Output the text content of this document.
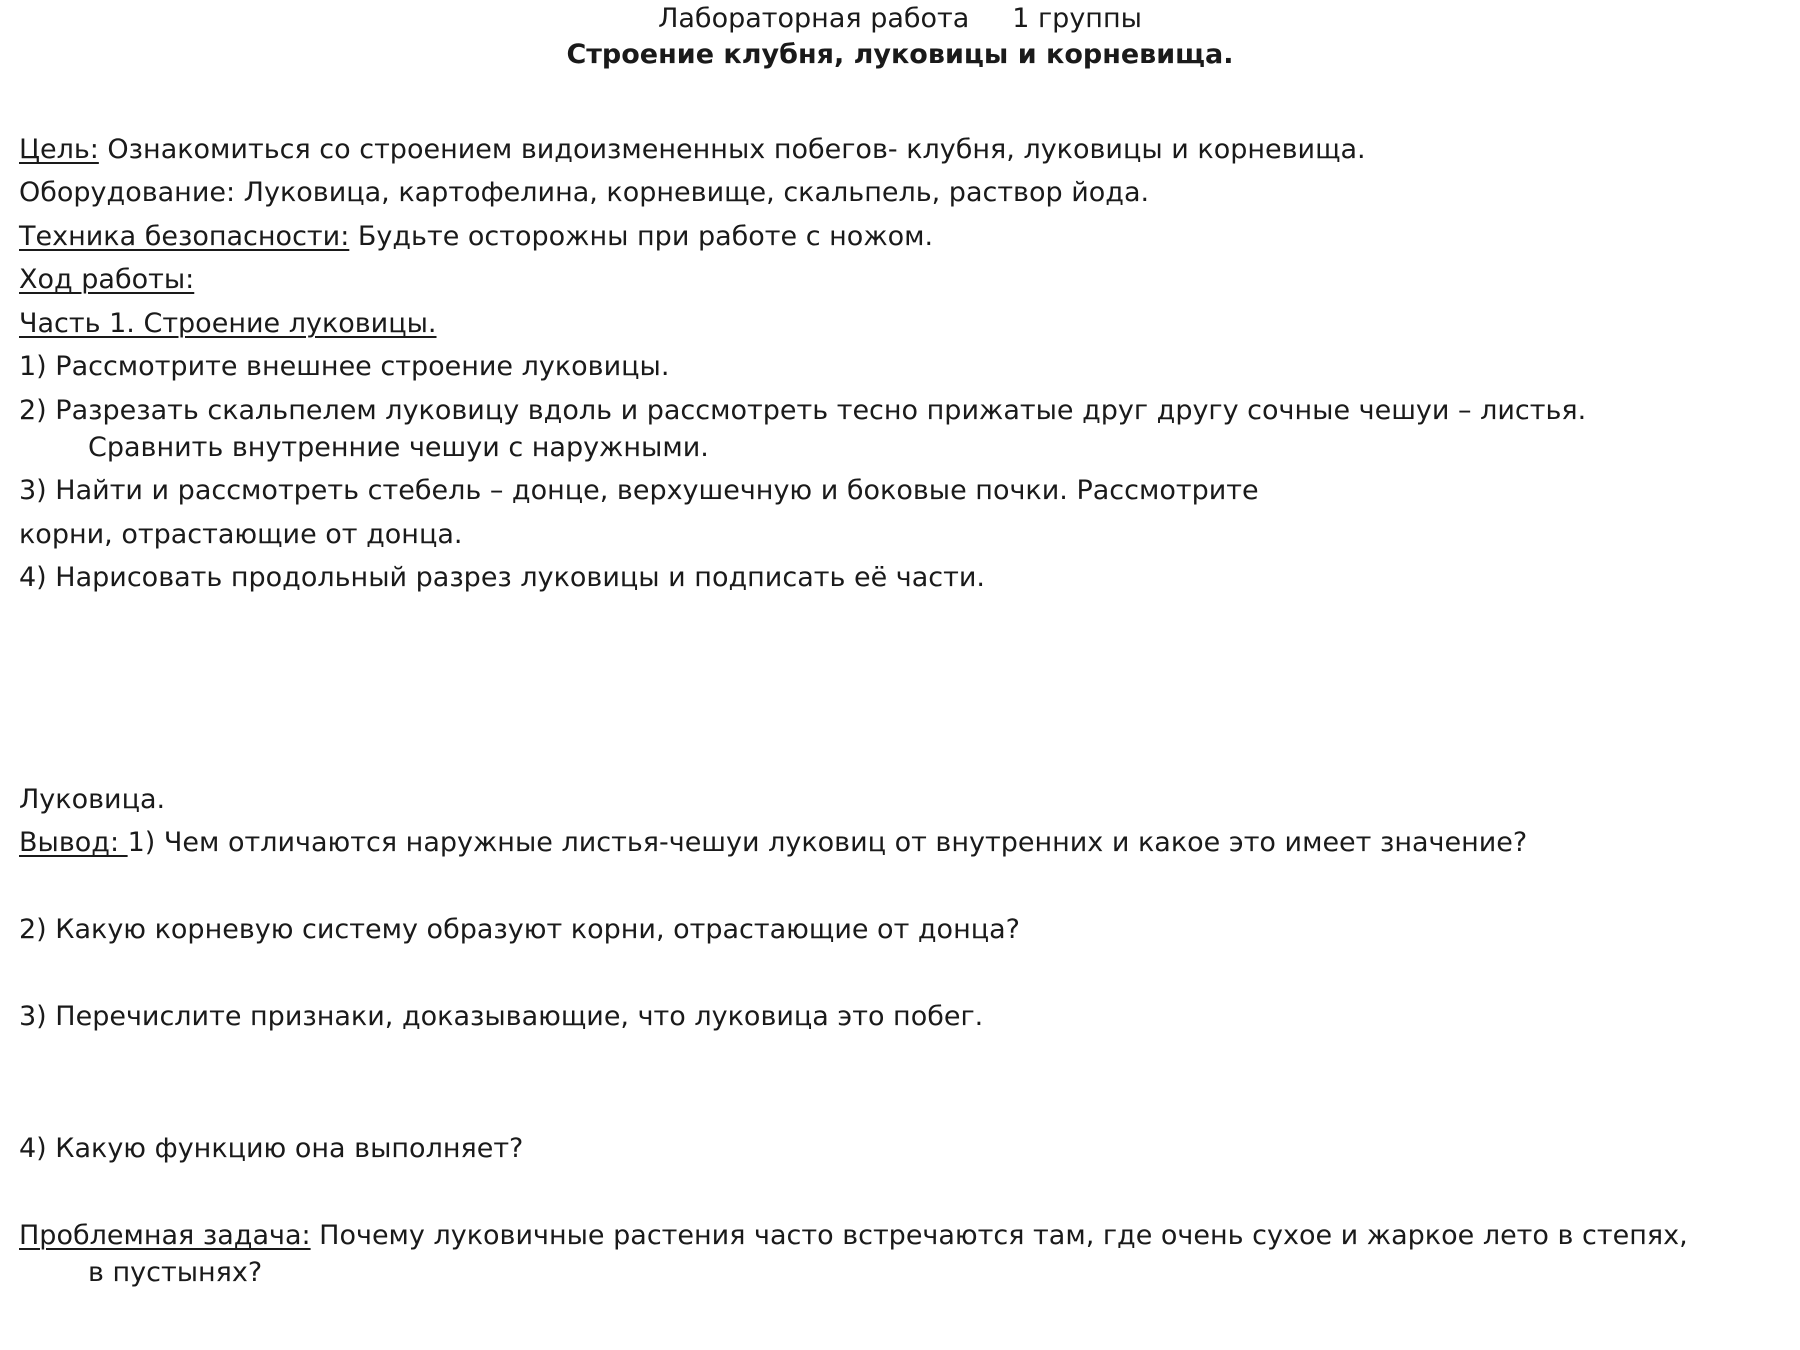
Лабораторная работа     1 группы
Строение клубня, луковицы и корневища.
Цель: Ознакомиться со строением видоизмененных побегов- клубня, луковицы и корневища.
Оборудование: Луковица, картофелина, корневище, скальпель, раствор йода.
Техника безопасности: Будьте осторожны при работе с ножом.
Ход работы:
Часть 1. Строение луковицы.
1) Рассмотрите внешнее строение луковицы.
2) Разрезать скальпелем луковицу вдоль и рассмотреть тесно прижатые друг другу сочные чешуи – листья.
Сравнить внутренние чешуи с наружными.
3) Найти и рассмотреть стебель – донце, верхушечную и боковые почки. Рассмотрите
корни, отрастающие от донца.
4) Нарисовать продольный разрез луковицы и подписать её части.
Луковица.
Вывод: 1) Чем отличаются наружные листья-чешуи луковиц от внутренних и какое это имеет значение?
2) Какую корневую систему образуют корни, отрастающие от донца?
3) Перечислите признаки, доказывающие, что луковица это побег.
4) Какую функцию она выполняет?
Проблемная задача: Почему луковичные растения часто встречаются там, где очень сухое и жаркое лето в степях,
в пустынях?
